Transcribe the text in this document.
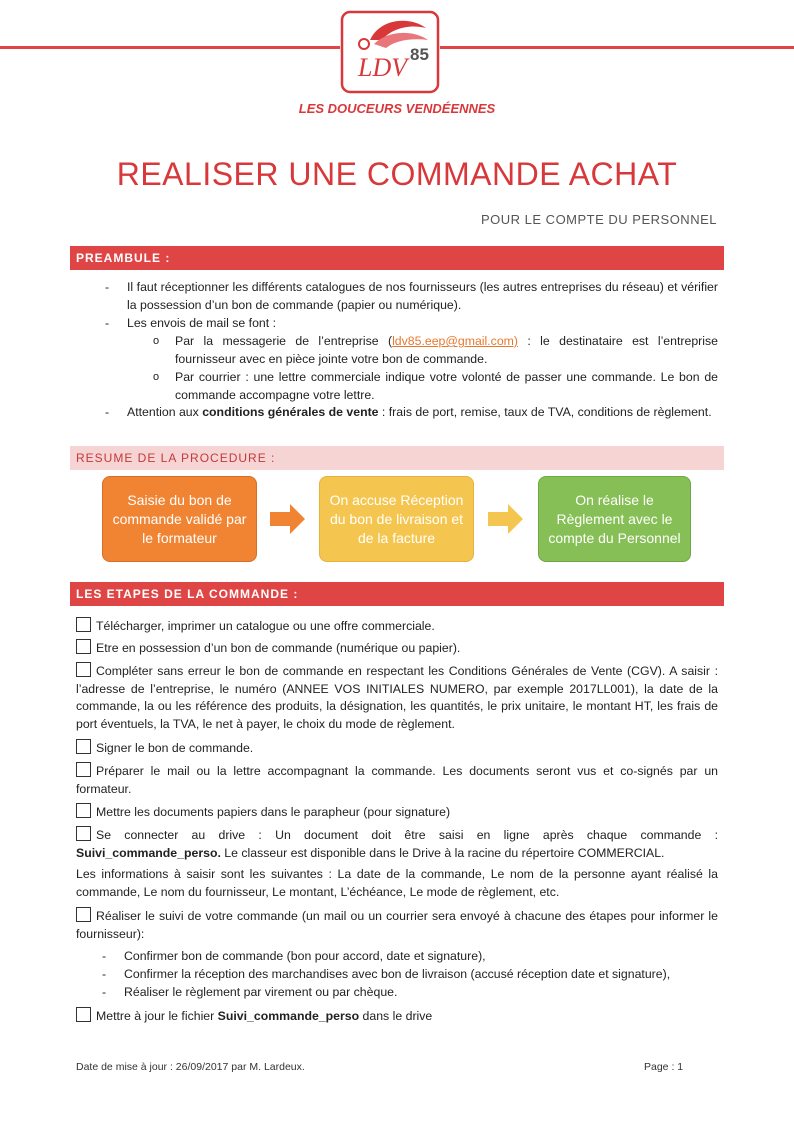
LDV 85
LES DOUCEURS VENDÉENNES
REALISER UNE COMMANDE ACHAT
POUR LE COMPTE DU PERSONNEL
PREAMBULE :
- Il faut réceptionner les différents catalogues de nos fournisseurs (les autres entreprises du réseau) et vérifier la possession d’un bon de commande (papier ou numérique).
- Les envois de mail se font :
o Par la messagerie de l’entreprise (ldv85.eep@gmail.com) : le destinataire est l’entreprise fournisseur avec en pièce jointe votre bon de commande.
o Par courrier : une lettre commerciale indique votre volonté de passer une commande. Le bon de commande accompagne votre lettre.
- Attention aux conditions générales de vente : frais de port, remise, taux de TVA, conditions de règlement.
RESUME DE LA PROCEDURE :
Saisie du bon de commande validé par le formateur
On accuse Réception du bon de livraison et de la facture
On réalise le Règlement avec le compte du Personnel
LES ETAPES DE LA COMMANDE :
Télécharger, imprimer un catalogue ou une offre commerciale.
Etre en possession d’un bon de commande (numérique ou papier).
Compléter sans erreur le bon de commande en respectant les Conditions Générales de Vente (CGV). A saisir : l’adresse de l’entreprise, le numéro (ANNEE VOS INITIALES NUMERO, par exemple 2017LL001), la date de la commande, la ou les référence des produits, la désignation, les quantités, le prix unitaire, le montant HT, les frais de port éventuels, la TVA, le net à payer, le choix du mode de règlement.
Signer le bon de commande.
Préparer le mail ou la lettre accompagnant la commande. Les documents seront vus et co-signés par un formateur.
Mettre les documents papiers dans le parapheur (pour signature)
Se connecter au drive : Un document doit être saisi en ligne après chaque commande : Suivi_commande_perso. Le classeur est disponible dans le Drive à la racine du répertoire COMMERCIAL.
Les informations à saisir sont les suivantes : La date de la commande, Le nom de la personne ayant réalisé la commande, Le nom du fournisseur, Le montant, L’échéance, Le mode de règlement, etc.
Réaliser le suivi de votre commande (un mail ou un courrier sera envoyé à chacune des étapes pour informer le fournisseur):
- Confirmer bon de commande (bon pour accord, date et signature),
- Confirmer la réception des marchandises avec bon de livraison (accusé réception date et signature),
- Réaliser le règlement par virement ou par chèque.
Mettre à jour le fichier Suivi_commande_perso dans le drive
Date de mise à jour : 26/09/2017 par M. Lardeux.	Page : 1
